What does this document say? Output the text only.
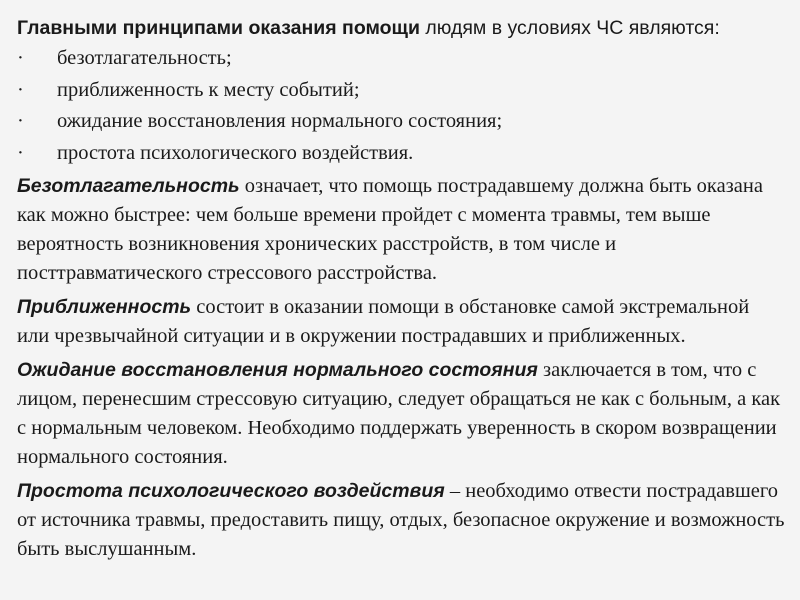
Главными принципами оказания помощи людям в условиях ЧС являются:

· безотлагательность;
· приближенность к месту событий;
· ожидание восстановления нормального состояния;
· простота психологического воздействия.

Безотлагательность означает, что помощь пострадавшему должна быть оказана как можно быстрее: чем больше времени пройдет с момента травмы, тем выше вероятность возникновения хронических расстройств, в том числе и посттравматического стрессового расстройства.

Приближенность состоит в оказании помощи в обстановке самой экстремальной или чрезвычайной ситуации и в окружении пострадавших и приближенных.

Ожидание восстановления нормального состояния заключается в том, что с лицом, перенесшим стрессовую ситуацию, следует обращаться не как с больным, а как с нормальным человеком. Необходимо поддержать уверенность в скором возвращении нормального состояния.

Простота психологического воздействия – необходимо отвести пострадавшего от источника травмы, предоставить пищу, отдых, безопасное окружение и возможность быть выслушанным.
